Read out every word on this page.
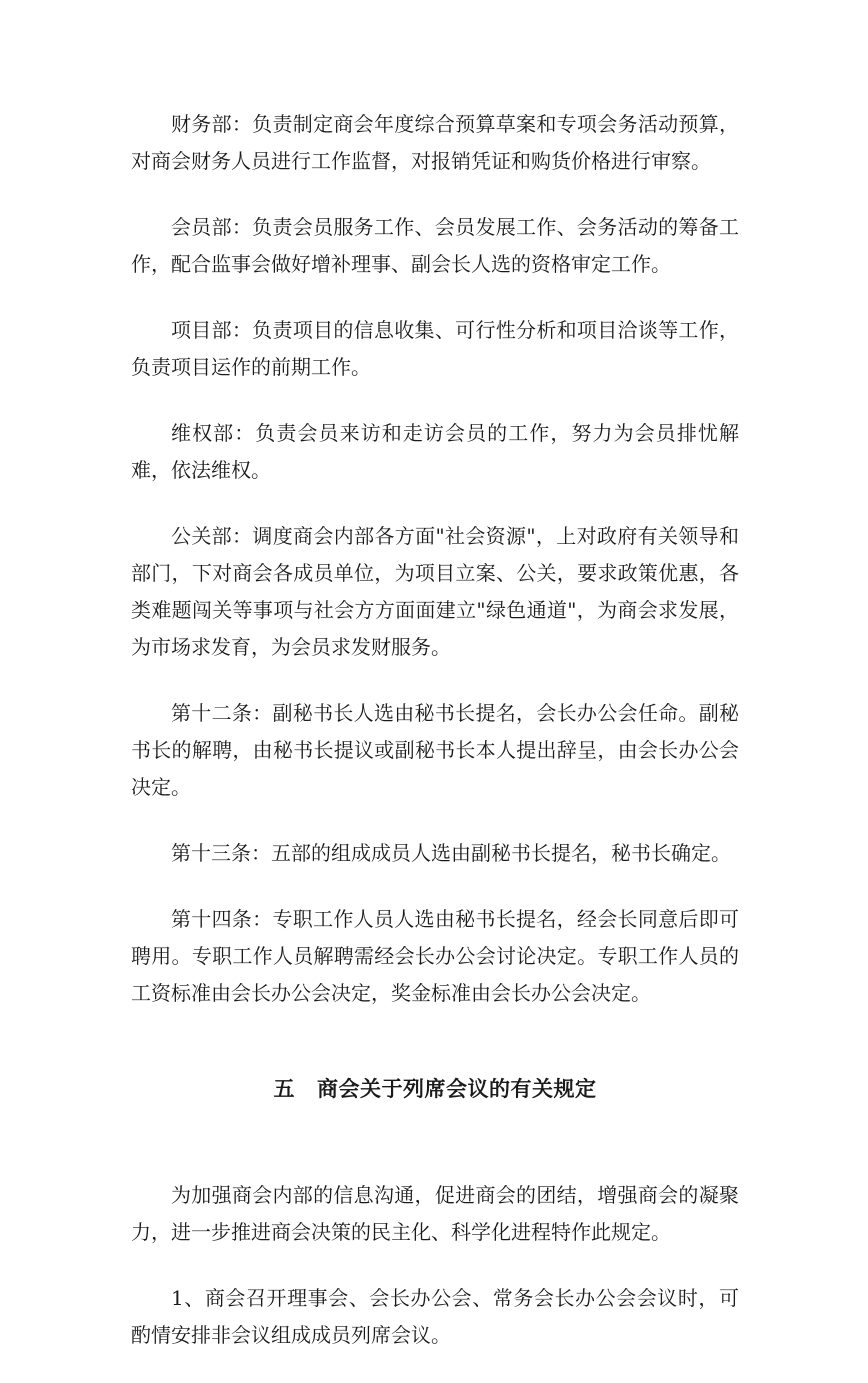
财务部：负责制定商会年度综合预算草案和专项会务活动预算，对商会财务人员进行工作监督，对报销凭证和购货价格进行审察。

会员部：负责会员服务工作、会员发展工作、会务活动的筹备工作，配合监事会做好增补理事、副会长人选的资格审定工作。

项目部：负责项目的信息收集、可行性分析和项目洽谈等工作，负责项目运作的前期工作。

维权部：负责会员来访和走访会员的工作，努力为会员排忧解难，依法维权。

公关部：调度商会内部各方面"社会资源"，上对政府有关领导和部门，下对商会各成员单位，为项目立案、公关，要求政策优惠，各类难题闯关等事项与社会方方面面建立"绿色通道"，为商会求发展，为市场求发育，为会员求发财服务。

第十二条：副秘书长人选由秘书长提名，会长办公会任命。副秘书长的解聘，由秘书长提议或副秘书长本人提出辞呈，由会长办公会决定。

第十三条：五部的组成成员人选由副秘书长提名，秘书长确定。

第十四条：专职工作人员人选由秘书长提名，经会长同意后即可聘用。专职工作人员解聘需经会长办公会讨论决定。专职工作人员的工资标准由会长办公会决定，奖金标准由会长办公会决定。

五 商会关于列席会议的有关规定

为加强商会内部的信息沟通，促进商会的团结，增强商会的凝聚力，进一步推进商会决策的民主化、科学化进程特作此规定。

1、商会召开理事会、会长办公会、常务会长办公会会议时，可酌情安排非会议组成成员列席会议。
